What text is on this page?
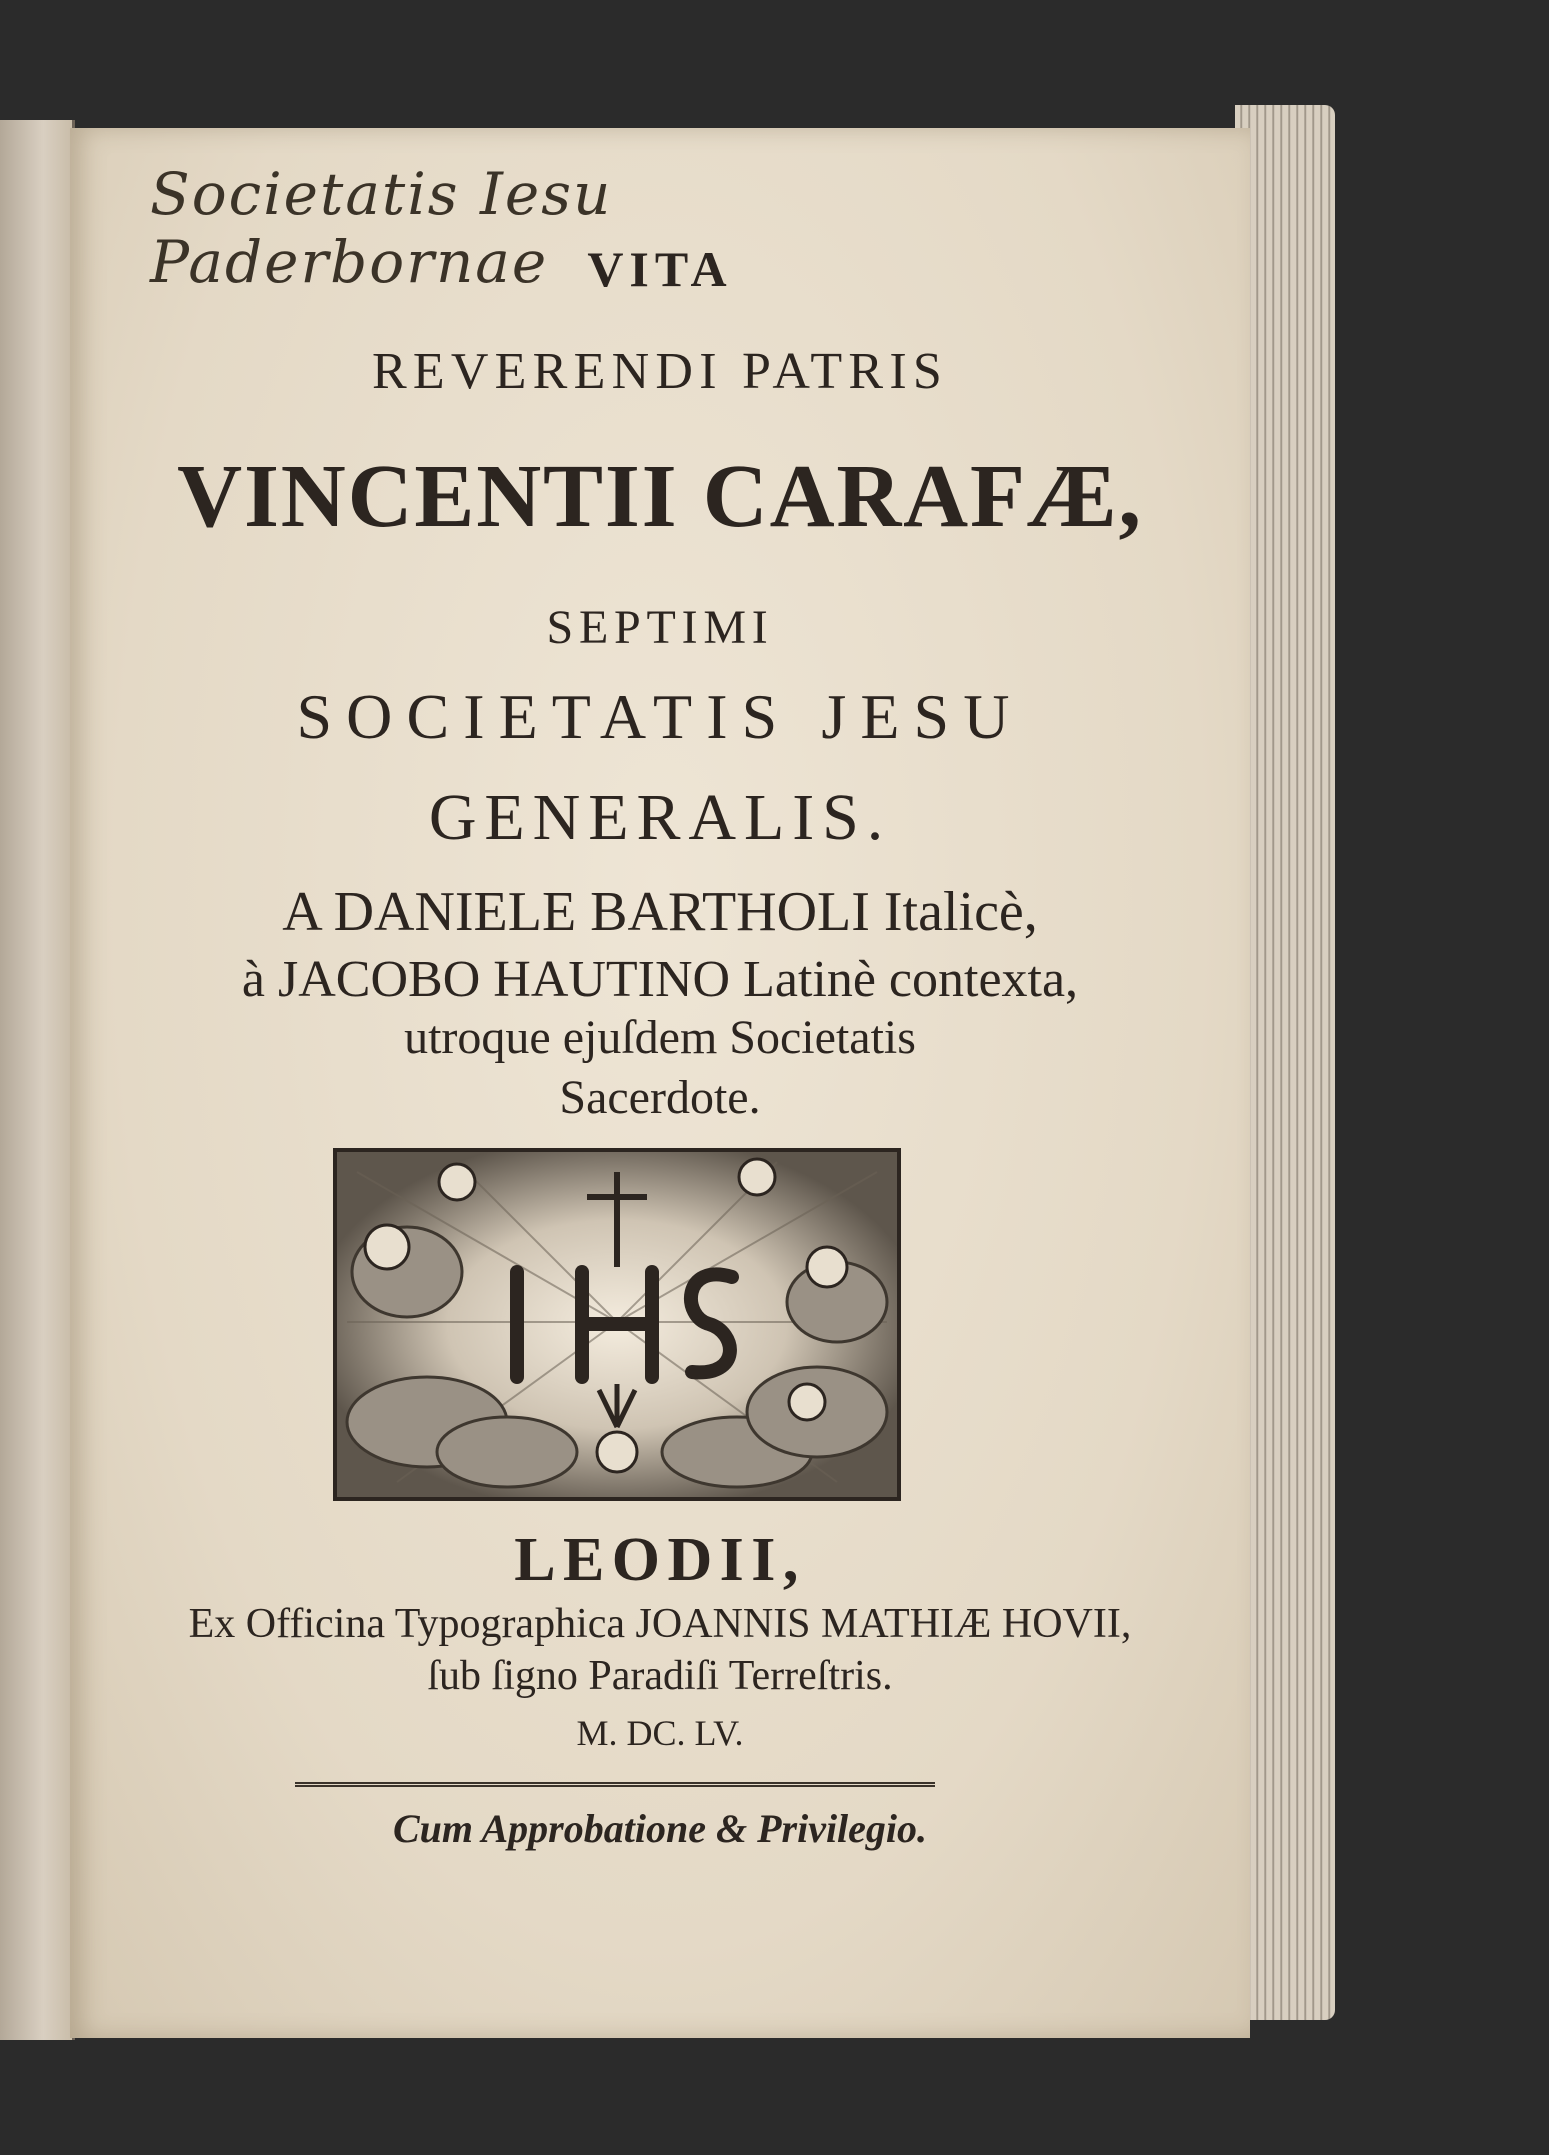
Societatis Iesu Paderbornae VITA
REVERENDI PATRIS
VINCENTII CARAFÆ,
SEPTIMI
SOCIETATIS JESU
GENERALIS.
A DANIELE BARTHOLI Italicè,
à JACOBO HAUTINO Latinè contexta,
utroque ejuſdem Societatis
Sacerdote.
LEODII,
Ex Officina Typographica JOANNIS MATHIÆ HOVII,
ſub ſigno Paradiſi Terreſtris.
M. DC. LV.
Cum Approbatione & Privilegio.
